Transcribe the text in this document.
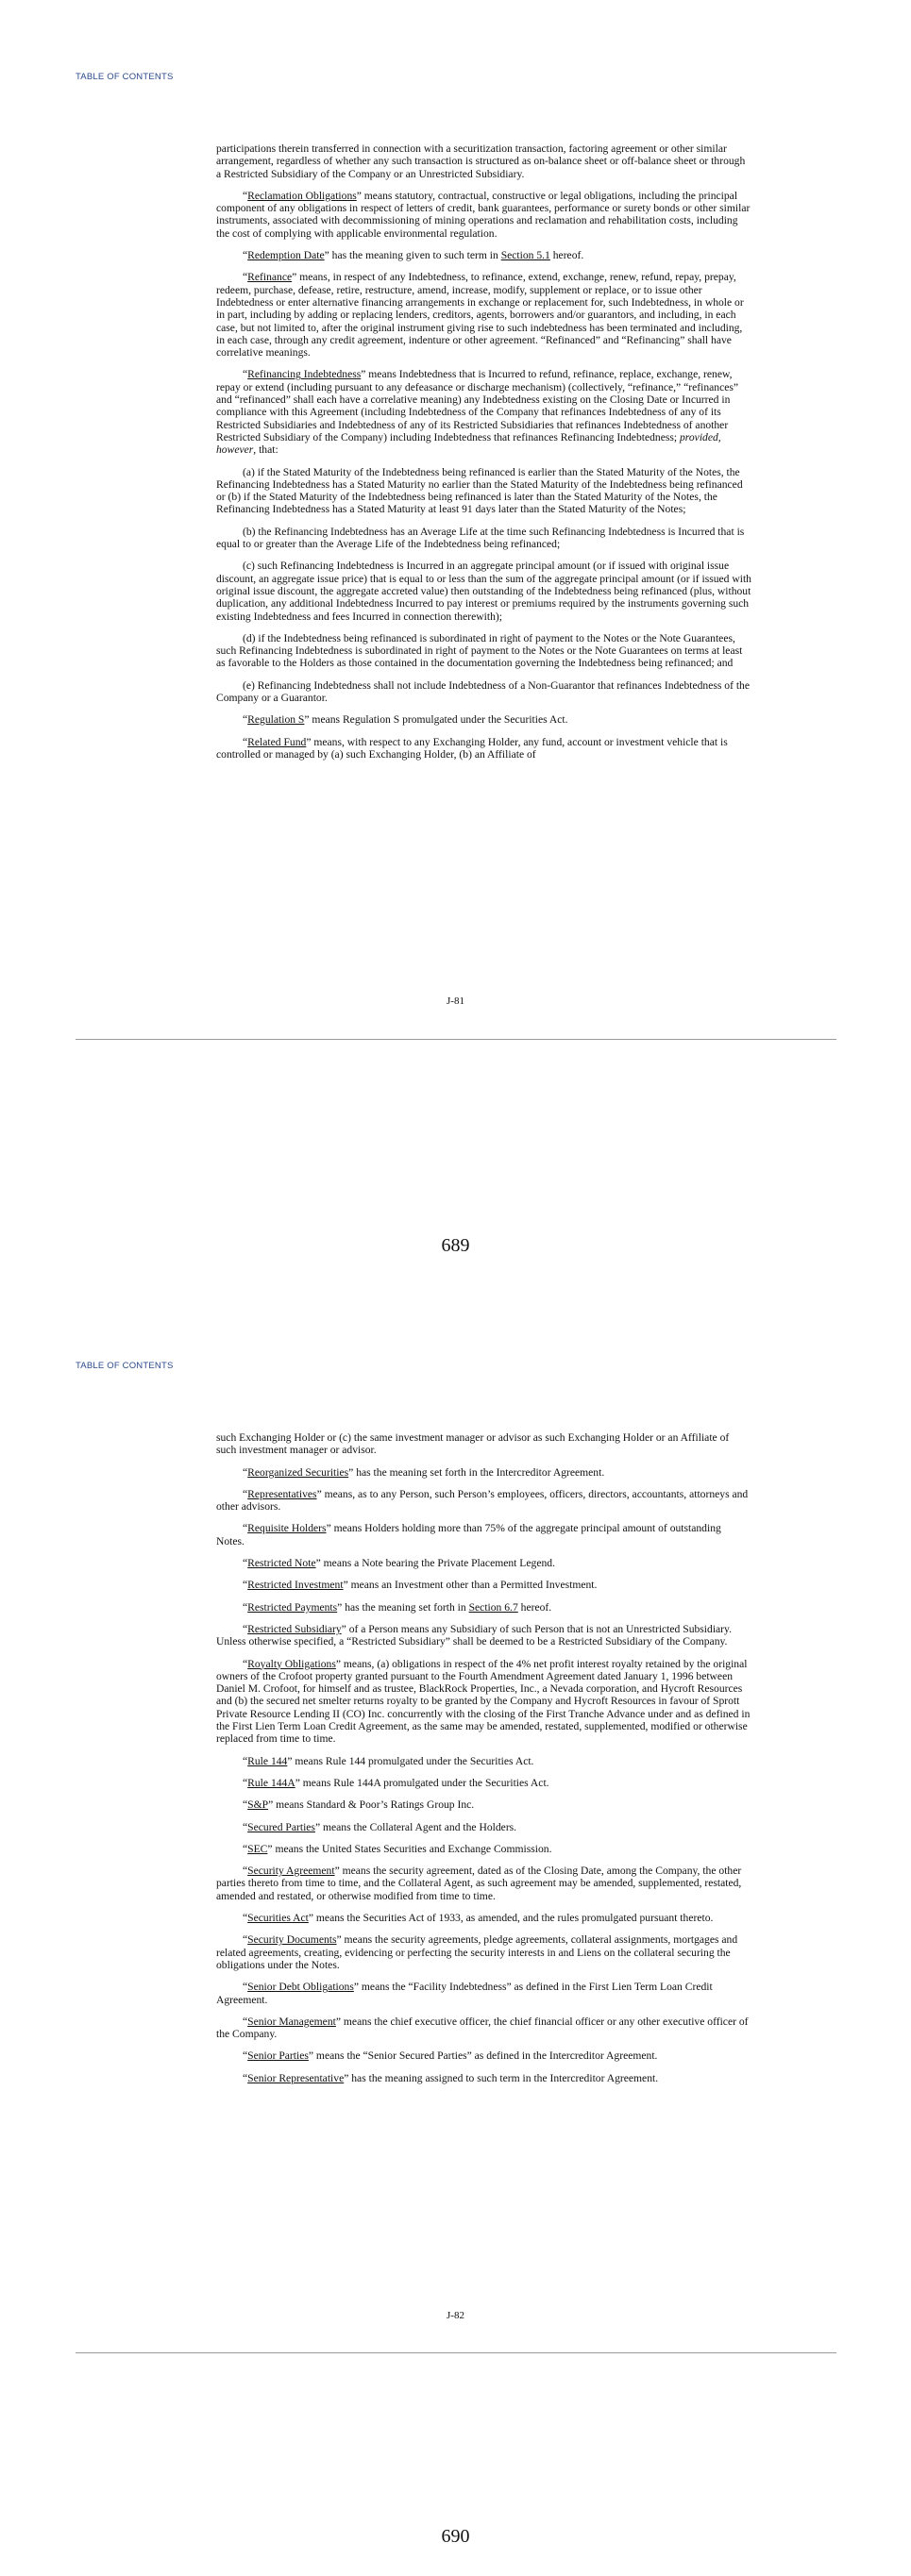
TABLE OF CONTENTS

participations therein transferred in connection with a securitization transaction, factoring agreement or other similar arrangement, regardless of whether any such transaction is structured as on-balance sheet or off-balance sheet or through a Restricted Subsidiary of the Company or an Unrestricted Subsidiary.

“Reclamation Obligations” means statutory, contractual, constructive or legal obligations, including the principal component of any obligations in respect of letters of credit, bank guarantees, performance or surety bonds or other similar instruments, associated with decommissioning of mining operations and reclamation and rehabilitation costs, including the cost of complying with applicable environmental regulation.

“Redemption Date” has the meaning given to such term in Section 5.1 hereof.

“Refinance” means, in respect of any Indebtedness, to refinance, extend, exchange, renew, refund, repay, prepay, redeem, purchase, defease, retire, restructure, amend, increase, modify, supplement or replace, or to issue other Indebtedness or enter alternative financing arrangements in exchange or replacement for, such Indebtedness, in whole or in part, including by adding or replacing lenders, creditors, agents, borrowers and/or guarantors, and including, in each case, but not limited to, after the original instrument giving rise to such indebtedness has been terminated and including, in each case, through any credit agreement, indenture or other agreement. “Refinanced” and “Refinancing” shall have correlative meanings.

“Refinancing Indebtedness” means Indebtedness that is Incurred to refund, refinance, replace, exchange, renew, repay or extend (including pursuant to any defeasance or discharge mechanism) (collectively, “refinance,” “refinances” and “refinanced” shall each have a correlative meaning) any Indebtedness existing on the Closing Date or Incurred in compliance with this Agreement (including Indebtedness of the Company that refinances Indebtedness of any of its Restricted Subsidiaries and Indebtedness of any of its Restricted Subsidiaries that refinances Indebtedness of another Restricted Subsidiary of the Company) including Indebtedness that refinances Refinancing Indebtedness; provided, however, that:

(a) if the Stated Maturity of the Indebtedness being refinanced is earlier than the Stated Maturity of the Notes, the Refinancing Indebtedness has a Stated Maturity no earlier than the Stated Maturity of the Indebtedness being refinanced or (b) if the Stated Maturity of the Indebtedness being refinanced is later than the Stated Maturity of the Notes, the Refinancing Indebtedness has a Stated Maturity at least 91 days later than the Stated Maturity of the Notes;

(b) the Refinancing Indebtedness has an Average Life at the time such Refinancing Indebtedness is Incurred that is equal to or greater than the Average Life of the Indebtedness being refinanced;

(c) such Refinancing Indebtedness is Incurred in an aggregate principal amount (or if issued with original issue discount, an aggregate issue price) that is equal to or less than the sum of the aggregate principal amount (or if issued with original issue discount, the aggregate accreted value) then outstanding of the Indebtedness being refinanced (plus, without duplication, any additional Indebtedness Incurred to pay interest or premiums required by the instruments governing such existing Indebtedness and fees Incurred in connection therewith);

(d) if the Indebtedness being refinanced is subordinated in right of payment to the Notes or the Note Guarantees, such Refinancing Indebtedness is subordinated in right of payment to the Notes or the Note Guarantees on terms at least as favorable to the Holders as those contained in the documentation governing the Indebtedness being refinanced; and

(e) Refinancing Indebtedness shall not include Indebtedness of a Non-Guarantor that refinances Indebtedness of the Company or a Guarantor.

“Regulation S” means Regulation S promulgated under the Securities Act.

“Related Fund” means, with respect to any Exchanging Holder, any fund, account or investment vehicle that is controlled or managed by (a) such Exchanging Holder, (b) an Affiliate of

J-81
689
TABLE OF CONTENTS

such Exchanging Holder or (c) the same investment manager or advisor as such Exchanging Holder or an Affiliate of such investment manager or advisor.

“Reorganized Securities” has the meaning set forth in the Intercreditor Agreement.

“Representatives” means, as to any Person, such Person’s employees, officers, directors, accountants, attorneys and other advisors.

“Requisite Holders” means Holders holding more than 75% of the aggregate principal amount of outstanding Notes.

“Restricted Note” means a Note bearing the Private Placement Legend.

“Restricted Investment” means an Investment other than a Permitted Investment.

“Restricted Payments” has the meaning set forth in Section 6.7 hereof.

“Restricted Subsidiary” of a Person means any Subsidiary of such Person that is not an Unrestricted Subsidiary. Unless otherwise specified, a “Restricted Subsidiary” shall be deemed to be a Restricted Subsidiary of the Company.

“Royalty Obligations” means, (a) obligations in respect of the 4% net profit interest royalty retained by the original owners of the Crofoot property granted pursuant to the Fourth Amendment Agreement dated January 1, 1996 between Daniel M. Crofoot, for himself and as trustee, BlackRock Properties, Inc., a Nevada corporation, and Hycroft Resources and (b) the secured net smelter returns royalty to be granted by the Company and Hycroft Resources in favour of Sprott Private Resource Lending II (CO) Inc. concurrently with the closing of the First Tranche Advance under and as defined in the First Lien Term Loan Credit Agreement, as the same may be amended, restated, supplemented, modified or otherwise replaced from time to time.

“Rule 144” means Rule 144 promulgated under the Securities Act.

“Rule 144A” means Rule 144A promulgated under the Securities Act.

“S&P” means Standard & Poor’s Ratings Group Inc.

“Secured Parties” means the Collateral Agent and the Holders.

“SEC” means the United States Securities and Exchange Commission.

“Security Agreement” means the security agreement, dated as of the Closing Date, among the Company, the other parties thereto from time to time, and the Collateral Agent, as such agreement may be amended, supplemented, restated, amended and restated, or otherwise modified from time to time.

“Securities Act” means the Securities Act of 1933, as amended, and the rules promulgated pursuant thereto.

“Security Documents” means the security agreements, pledge agreements, collateral assignments, mortgages and related agreements, creating, evidencing or perfecting the security interests in and Liens on the collateral securing the obligations under the Notes.

“Senior Debt Obligations” means the “Facility Indebtedness” as defined in the First Lien Term Loan Credit Agreement.

“Senior Management” means the chief executive officer, the chief financial officer or any other executive officer of the Company.

“Senior Parties” means the “Senior Secured Parties” as defined in the Intercreditor Agreement.

“Senior Representative” has the meaning assigned to such term in the Intercreditor Agreement.

J-82
690
